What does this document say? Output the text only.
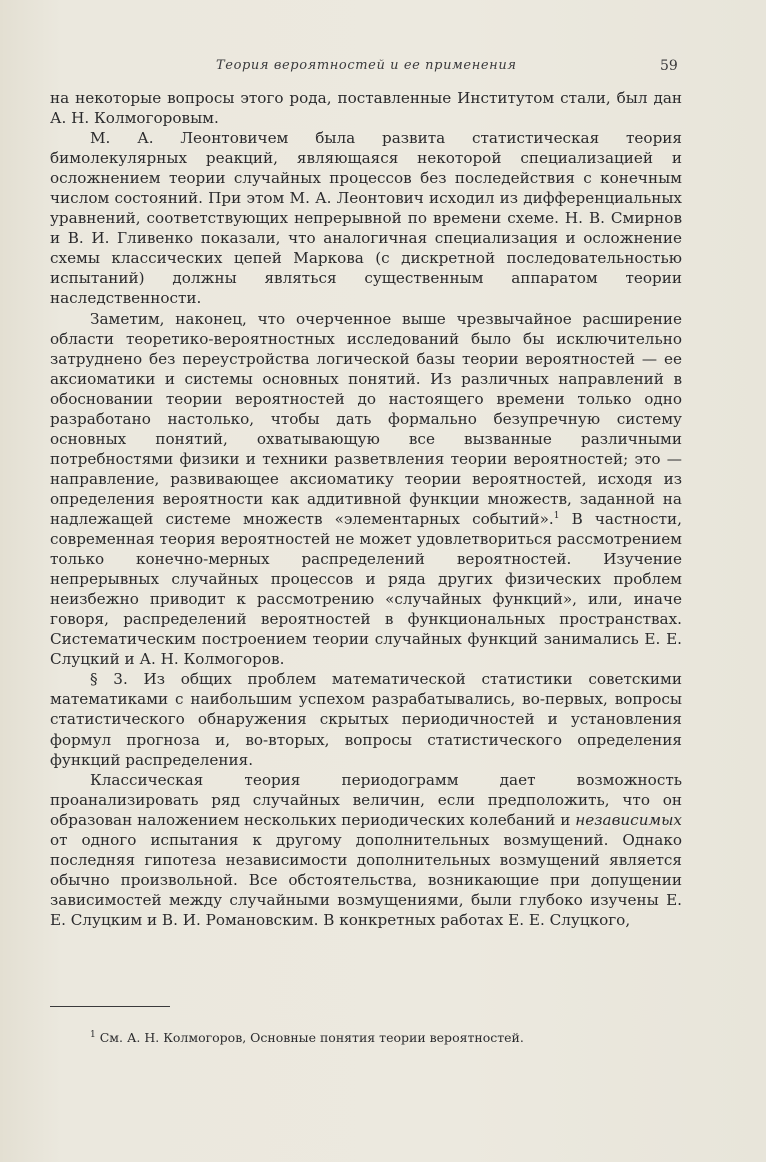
Теория вероятностей и ее применения	59

на некоторые вопросы этого рода, поставленные Институтом стали, был дан А. Н. Колмогоровым.

М. А. Леонтовичем была развита статистическая теория бимолекулярных реакций, являющаяся некоторой специализацией и осложнением теории случайных процессов без последействия с конечным числом состояний. При этом М. А. Леонтович исходил из дифференциальных уравнений, соответствующих непрерывной по времени схеме. Н. В. Смирнов и В. И. Гливенко показали, что аналогичная специализация и осложнение схемы классических цепей Маркова (с дискретной последовательностью испытаний) должны являться существенным аппаратом теории наследственности.

Заметим, наконец, что очерченное выше чрезвычайное расширение области теоретико-вероятностных исследований было бы исключительно затруднено без переустройства логической базы теории вероятностей — ее аксиоматики и системы основных понятий. Из различных направлений в обосновании теории вероятностей до настоящего времени только одно разработано настолько, чтобы дать формально безупречную систему основных понятий, охватывающую все вызванные различными потребностями физики и техники разветвления теории вероятностей; это — направление, развивающее аксиоматику теории вероятностей, исходя из определения вероятности как аддитивной функции множеств, заданной на надлежащей системе множеств «элементарных событий».$^1$ В частности, современная теория вероятностей не может удовлетвориться рассмотрением только конечно-мерных распределений вероятностей. Изучение непрерывных случайных процессов и ряда других физических проблем неизбежно приводит к рассмотрению «случайных функций», или, иначе говоря, распределений вероятностей в функциональных пространствах. Систематическим построением теории случайных функций занимались Е. Е. Слуцкий и А. Н. Колмогоров.

§ 3. Из общих проблем математической статистики советскими математиками с наибольшим успехом разрабатывались, во-первых, вопросы статистического обнаружения скрытых периодичностей и установления формул прогноза и, во-вторых, вопросы статистического определения функций распределения.

Классическая теория периодограмм дает возможность проанализировать ряд случайных величин, если предположить, что он образован наложением нескольких периодических колебаний и независимых от одного испытания к другому дополнительных возмущений. Однако последняя гипотеза независимости дополнительных возмущений является обычно произвольной. Все обстоятельства, возникающие при допущении зависимостей между случайными возмущениями, были глубоко изучены Е. Е. Слуцким и В. И. Романовским. В конкретных работах Е. Е. Слуцкого,

$^1$ См. А. Н. Колмогоров, Основные понятия теории вероятностей.
